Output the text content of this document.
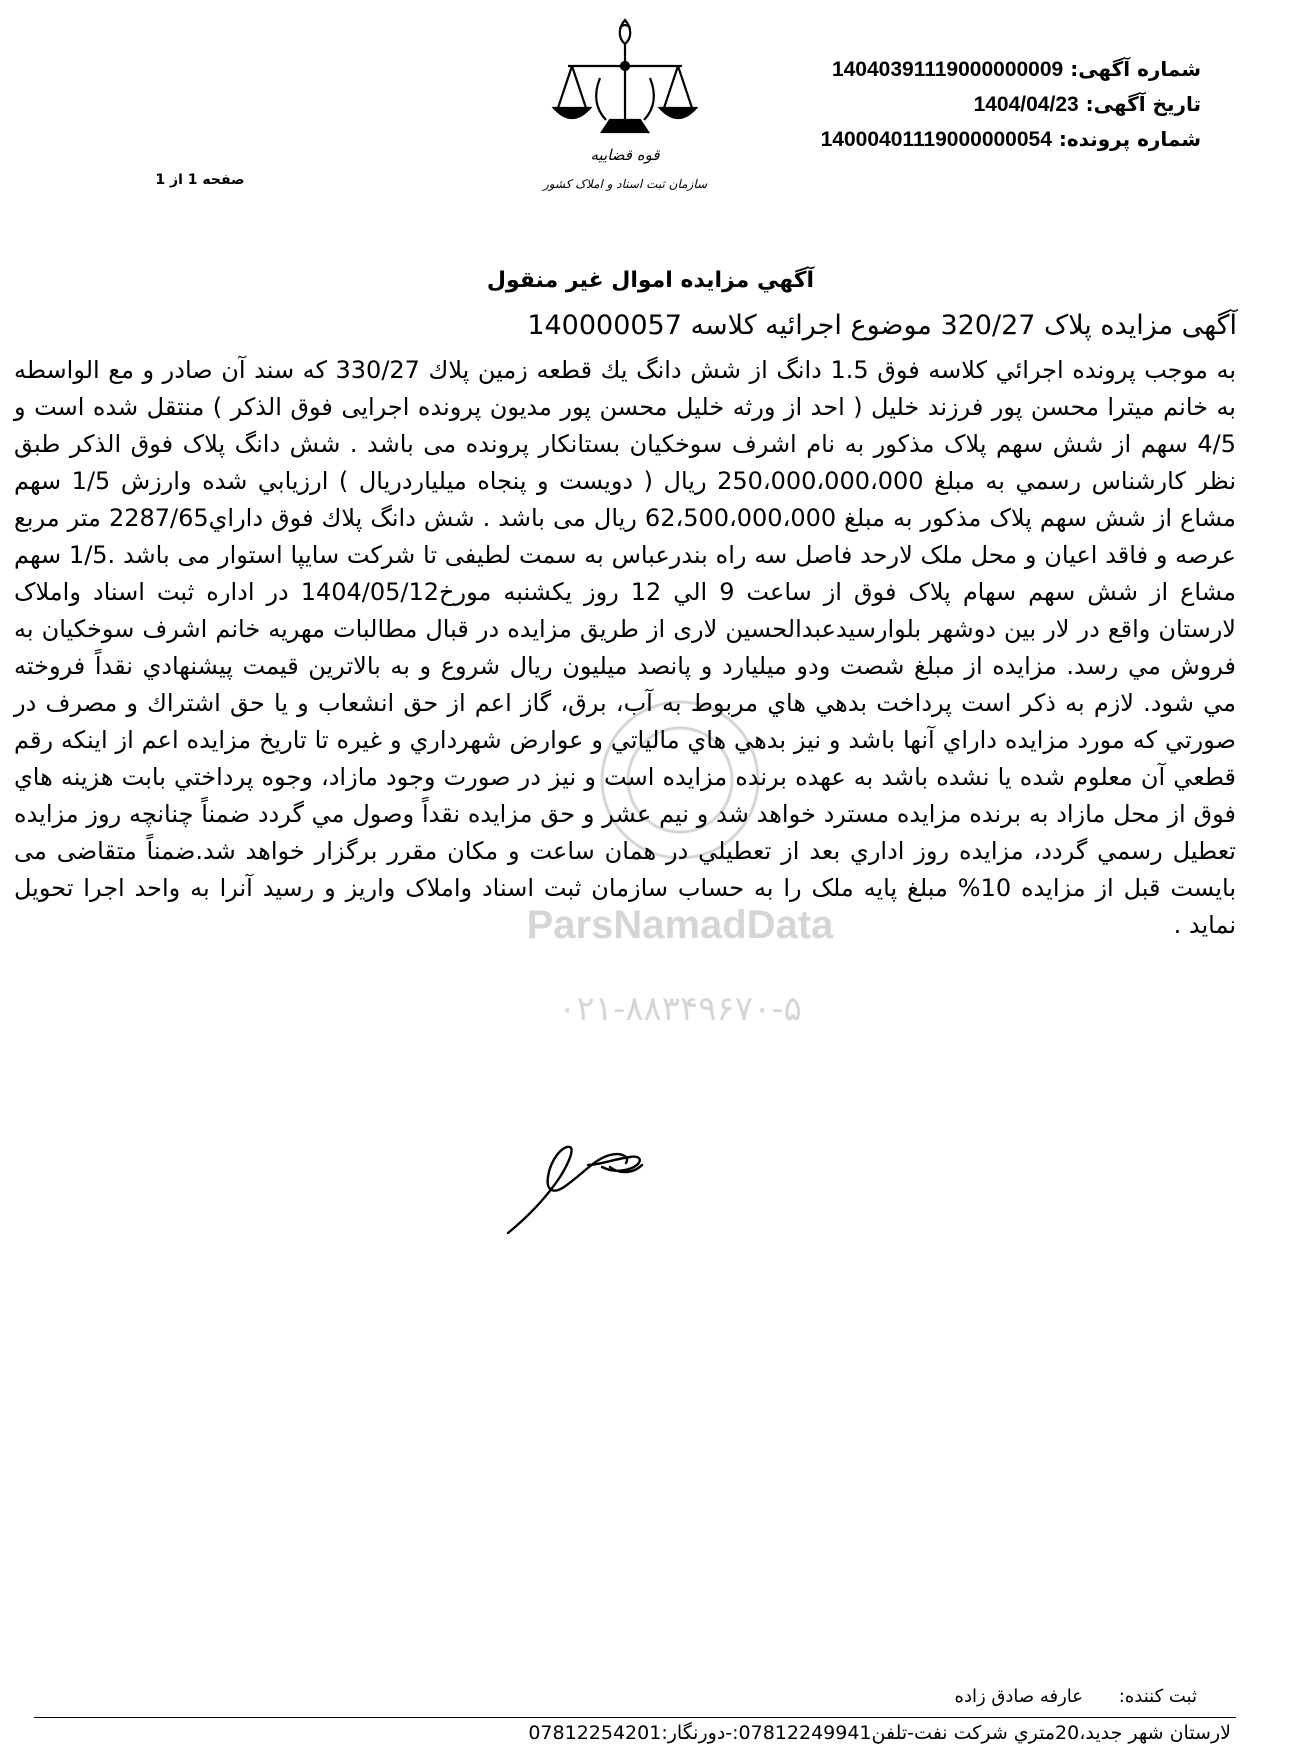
شماره آگهی: 14040391119000000009
تاریخ آگهی: 1404/04/23
شماره پرونده: 14000401119000000054
صفحه 1 از 1
قوه قضاییه
سازمان ثبت اسناد و املاک کشور
آگهي مزايده اموال غير منقول
آگهی مزایده پلاک 320/27 موضوع اجرائیه کلاسه 140000057
به موجب پرونده اجرائي كلاسه فوق 1.5 دانگ از شش دانگ يك قطعه زمين پلاك 330/27 كه سند آن صادر و مع الواسطه به خانم میترا محسن پور فرزند خلیل ( احد از ورثه خلیل محسن پور مدیون پرونده اجرایی فوق الذکر ) منتقل شده است و 4/5 سهم از شش سهم پلاک مذکور به نام اشرف سوخکیان بستانکار پرونده می باشد . شش دانگ پلاک فوق الذكر طبق نظر كارشناس رسمي به مبلغ 250،000،000،000 ريال ( دویست و پنجاه میلیاردریال ) ارزيابي شده وارزش 1/5 سهم مشاع از شش سهم پلاک مذکور به مبلغ 62،500،000،000 ريال می باشد . شش دانگ پلاك فوق داراي2287/65 متر مربع عرصه و فاقد اعیان و محل ملک لارحد فاصل سه راه بندرعباس به سمت لطیفی تا شرکت سایپا استوار می باشد .1/5 سهم مشاع از شش سهم سهام پلاک فوق از ساعت 9 الي 12 روز يكشنبه مورخ1404/05/12 در اداره ثبت اسناد واملاک لارستان واقع در لار بین دوشهر بلوارسیدعبدالحسین لاری از طريق مزايده در قبال مطالبات مهریه خانم اشرف سوخکیان به فروش مي رسد. مزايده از مبلغ شصت ودو میلیارد و پانصد میلیون ريال شروع و به بالاترين قيمت پيشنهادي نقداً فروخته مي شود. لازم به ذكر است پرداخت بدهي هاي مربوط به آب، برق، گاز اعم از حق انشعاب و يا حق اشتراك و مصرف در صورتي كه مورد مزايده داراي آنها باشد و نيز بدهي هاي مالياتي و عوارض شهرداري و غيره تا تاريخ مزايده اعم از اينكه رقم قطعي آن معلوم شده يا نشده باشد به عهده برنده مزايده است و نيز در صورت وجود مازاد، وجوه پرداختي بابت هزينه هاي فوق از محل مازاد به برنده مزايده مسترد خواهد شد و نيم عشر و حق مزايده نقداً وصول مي گردد ضمناً چنانچه روز مزايده تعطيل رسمي گردد، مزايده روز اداري بعد از تعطيلي در همان ساعت و مكان مقرر برگزار خواهد شد.ضمناً متقاضی می بایست قبل از مزایده 10% مبلغ پایه ملک را به حساب سازمان ثبت اسناد واملاک واریز و رسید آنرا به واحد اجرا تحویل نماید .
ParsNamadData
۰۲۱-۸۸۳۴۹۶۷۰-۵
ثبت کننده: عارفه صادق زاده
لارستان شهر جديد،20متري شركت نفت-تلفن07812249941:-دورنگار:07812254201
